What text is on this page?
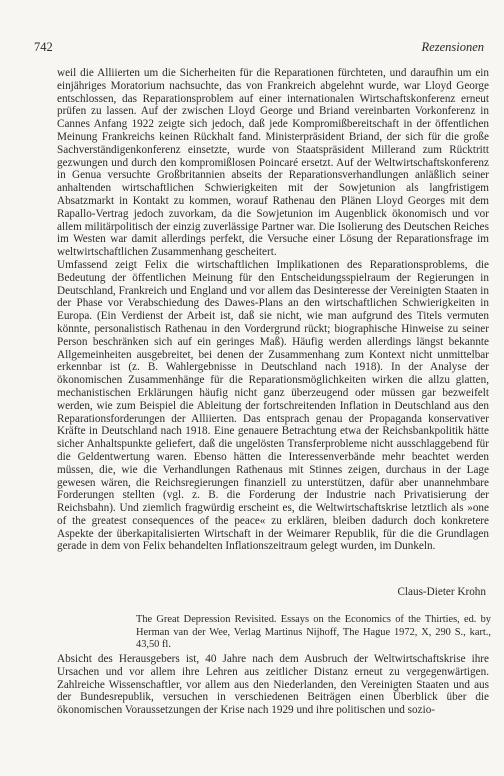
742	Rezensionen

weil die Alliierten um die Sicherheiten für die Reparationen fürchteten, und daraufhin um ein einjähriges Moratorium nachsuchte, das von Frankreich abgelehnt wurde, war Lloyd George entschlossen, das Reparationsproblem auf einer internationalen Wirtschaftskonferenz erneut prüfen zu lassen. Auf der zwischen Lloyd George und Briand vereinbarten Vorkonferenz in Cannes Anfang 1922 zeigte sich jedoch, daß jede Kompromißbereitschaft in der öffentlichen Meinung Frankreichs keinen Rückhalt fand. Ministerpräsident Briand, der sich für die große Sachverständigenkonferenz einsetzte, wurde von Staatspräsident Millerand zum Rücktritt gezwungen und durch den kompromißlosen Poincaré ersetzt. Auf der Weltwirtschaftskonferenz in Genua versuchte Großbritannien abseits der Reparationsverhandlungen anläßlich seiner anhaltenden wirtschaftlichen Schwierigkeiten mit der Sowjetunion als langfristigem Absatzmarkt in Kontakt zu kommen, worauf Rathenau den Plänen Lloyd Georges mit dem Rapallo-Vertrag jedoch zuvorkam, da die Sowjetunion im Augenblick ökonomisch und vor allem militärpolitisch der einzig zuverlässige Partner war. Die Isolierung des Deutschen Reiches im Westen war damit allerdings perfekt, die Versuche einer Lösung der Reparationsfrage im weltwirtschaftlichen Zusammenhang gescheitert.

Umfassend zeigt Felix die wirtschaftlichen Implikationen des Reparationsproblems, die Bedeutung der öffentlichen Meinung für den Entscheidungsspielraum der Regierungen in Deutschland, Frankreich und England und vor allem das Desinteresse der Vereinigten Staaten in der Phase vor Verabschiedung des Dawes-Plans an den wirtschaftlichen Schwierigkeiten in Europa. (Ein Verdienst der Arbeit ist, daß sie nicht, wie man aufgrund des Titels vermuten könnte, personalistisch Rathenau in den Vordergrund rückt; biographische Hinweise zu seiner Person beschränken sich auf ein geringes Maß). Häufig werden allerdings längst bekannte Allgemeinheiten ausgebreitet, bei denen der Zusammenhang zum Kontext nicht unmittelbar erkennbar ist (z. B. Wahlergebnisse in Deutschland nach 1918). In der Analyse der ökonomischen Zusammenhänge für die Reparationsmöglichkeiten wirken die allzu glatten, mechanistischen Erklärungen häufig nicht ganz überzeugend oder müssen gar bezweifelt werden, wie zum Beispiel die Ableitung der fortschreitenden Inflation in Deutschland aus den Reparationsforderungen der Alliierten. Das entsprach genau der Propaganda konservativer Kräfte in Deutschland nach 1918. Eine genauere Betrachtung etwa der Reichsbankpolitik hätte sicher Anhaltspunkte geliefert, daß die ungelösten Transferprobleme nicht ausschlaggebend für die Geldentwertung waren. Ebenso hätten die Interessenverbände mehr beachtet werden müssen, die, wie die Verhandlungen Rathenaus mit Stinnes zeigen, durchaus in der Lage gewesen wären, die Reichsregierungen finanziell zu unterstützen, dafür aber unannehmbare Forderungen stellten (vgl. z. B. die Forderung der Industrie nach Privatisierung der Reichsbahn). Und ziemlich fragwürdig erscheint es, die Weltwirtschaftskrise letztlich als »one of the greatest consequences of the peace« zu erklären, bleiben dadurch doch konkretere Aspekte der überkapitalisierten Wirtschaft in der Weimarer Republik, für die die Grundlagen gerade in dem von Felix behandelten Inflationszeitraum gelegt wurden, im Dunkeln.

Claus-Dieter Krohn
The Great Depression Revisited. Essays on the Economics of the Thirties, ed. by Herman van der Wee, Verlag Martinus Nijhoff, The Hague 1972, X, 290 S., kart., 43,50 fl.
Absicht des Herausgebers ist, 40 Jahre nach dem Ausbruch der Weltwirtschaftskrise ihre Ursachen und vor allem ihre Lehren aus zeitlicher Distanz erneut zu vergegenwärtigen. Zahlreiche Wissenschaftler, vor allem aus den Niederlanden, den Vereinigten Staaten und aus der Bundesrepublik, versuchen in verschiedenen Beiträgen einen Überblick über die ökonomischen Voraussetzungen der Krise nach 1929 und ihre politischen und sozio-
